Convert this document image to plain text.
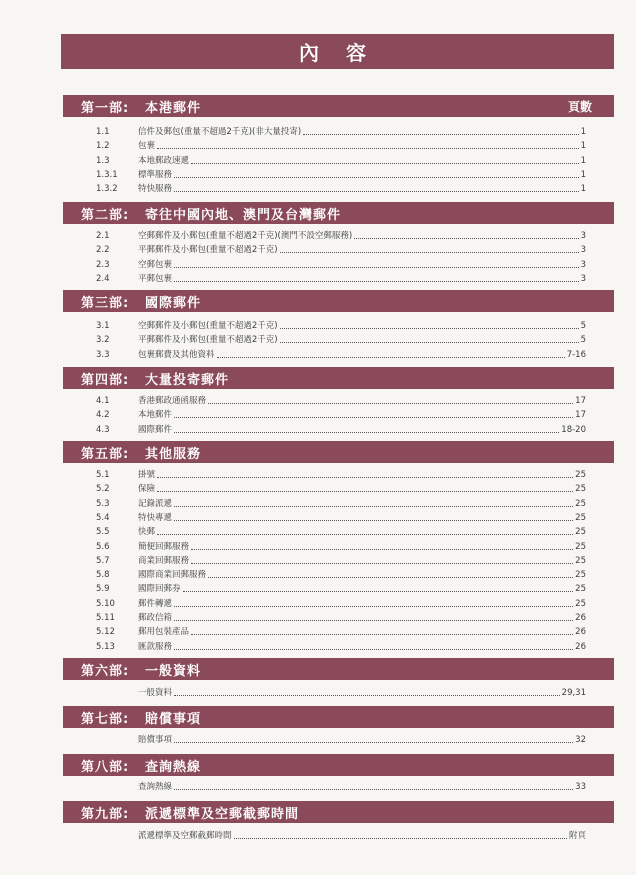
內 容
第一部:	本港郵件	頁數
1.1	信件及郵包(重量不超過2千克)(非大量投寄)	1
1.2	包裹	1
1.3	本地郵政速遞	1
1.3.1	標準服務	1
1.3.2	特快服務	1
第二部:	寄往中國內地、澳門及台灣郵件
2.1	空郵郵件及小郵包(重量不超過2千克)(澳門不設空郵服務)	3
2.2	平郵郵件及小郵包(重量不超過2千克)	3
2.3	空郵包裹	3
2.4	平郵包裹	3
第三部:	國際郵件
3.1	空郵郵件及小郵包(重量不超過2千克)	5
3.2	平郵郵件及小郵包(重量不超過2千克)	5
3.3	包裹郵費及其他資料	7-16
第四部:	大量投寄郵件
4.1	香港郵政通函服務	17
4.2	本地郵件	17
4.3	國際郵件	18-20
第五部:	其他服務
5.1	掛號	25
5.2	保險	25
5.3	記錄派遞	25
5.4	特快專遞	25
5.5	快郵	25
5.6	簡便回郵服務	25
5.7	商業回郵服務	25
5.8	國際商業回郵服務	25
5.9	國際回郵券	25
5.10	郵件轉遞	25
5.11	郵政信箱	26
5.12	郵用包裝產品	26
5.13	匯款服務	26
第六部:	一般資料
一般資料	29,31
第七部:	賠償事項
賠償事項	32
第八部:	查詢熱線
查詢熱線	33
第九部:	派遞標準及空郵截郵時間
派遞標準及空郵截郵時間	附頁
